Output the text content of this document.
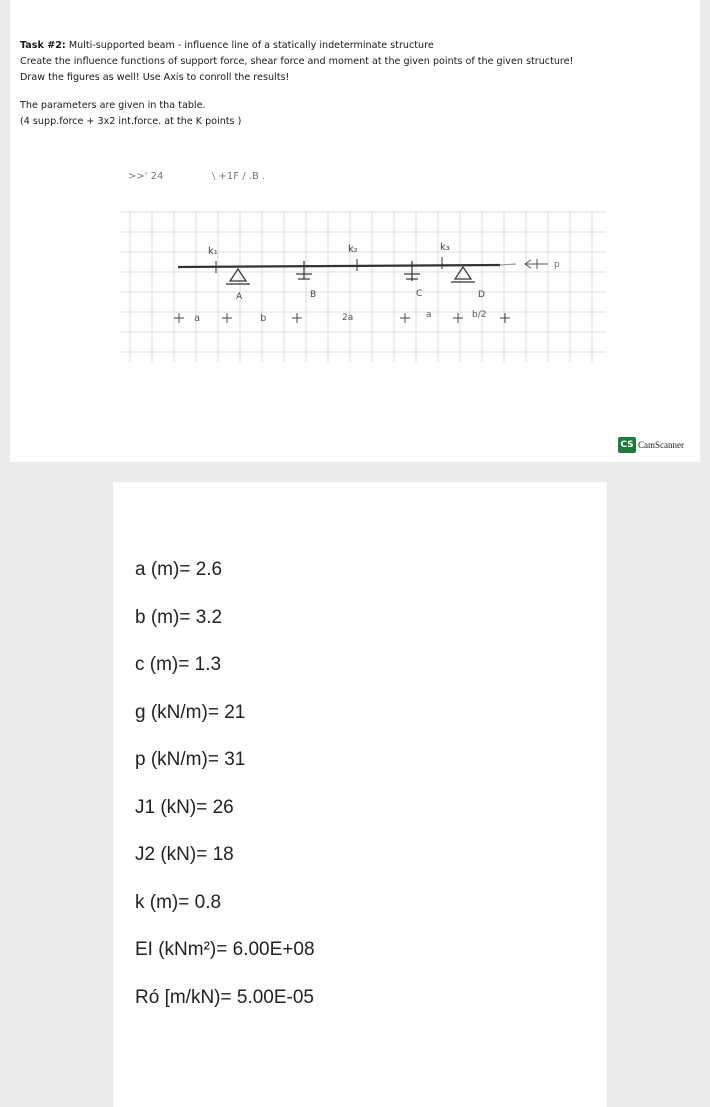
Task #2: Multi-supported beam - influence line of a statically indeterminate structure
Create the influence functions of support force, shear force and moment at the given points of the given structure!
Draw the figures as well! Use Axis to conroll the results!
The parameters are given in tha table.
(4 supp.force + 3x2 int.force. at the K points )
>>' 24	\ +1F / .B .
k₁	k₂	k₃
A	B	C	D
a	b	2a	a	b/2
p
CS CamScanner
a (m)= 2.6
b (m)= 3.2
c (m)= 1.3
g (kN/m)= 21
p (kN/m)= 31
J1 (kN)= 26
J2 (kN)= 18
k (m)= 0.8
EI (kNm²)= 6.00E+08
Ró [m/kN)= 5.00E-05
